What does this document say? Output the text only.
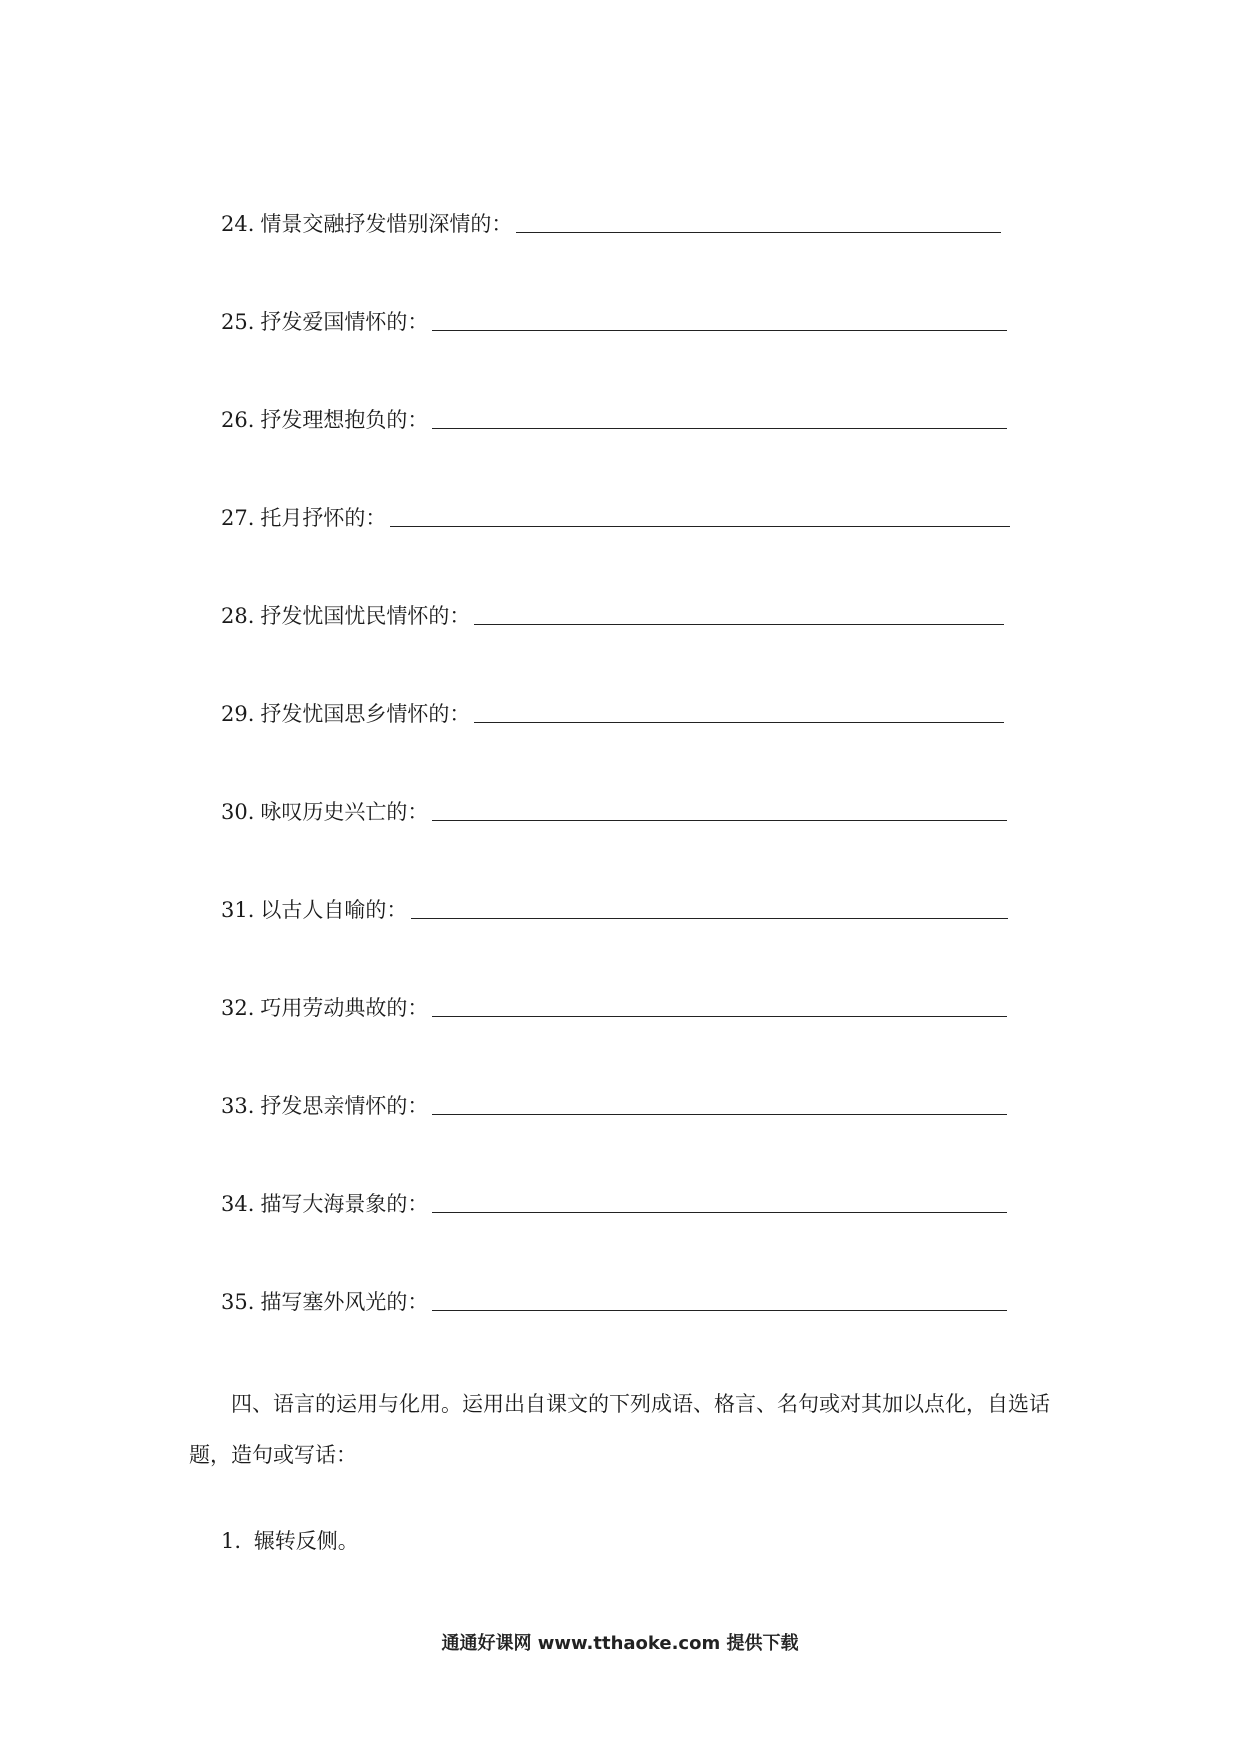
24. 情景交融抒发惜别深情的：
25. 抒发爱国情怀的：
26. 抒发理想抱负的：
27. 托月抒怀的：
28. 抒发忧国忧民情怀的：
29. 抒发忧国思乡情怀的：
30. 咏叹历史兴亡的：
31. 以古人自喻的：
32. 巧用劳动典故的：
33. 抒发思亲情怀的：
34. 描写大海景象的：
35. 描写塞外风光的：

四、语言的运用与化用。运用出自课文的下列成语、格言、名句或对其加以点化，自选话题，造句或写话：

1. 辗转反侧。
通通好课网 www.tthaoke.com 提供下载
